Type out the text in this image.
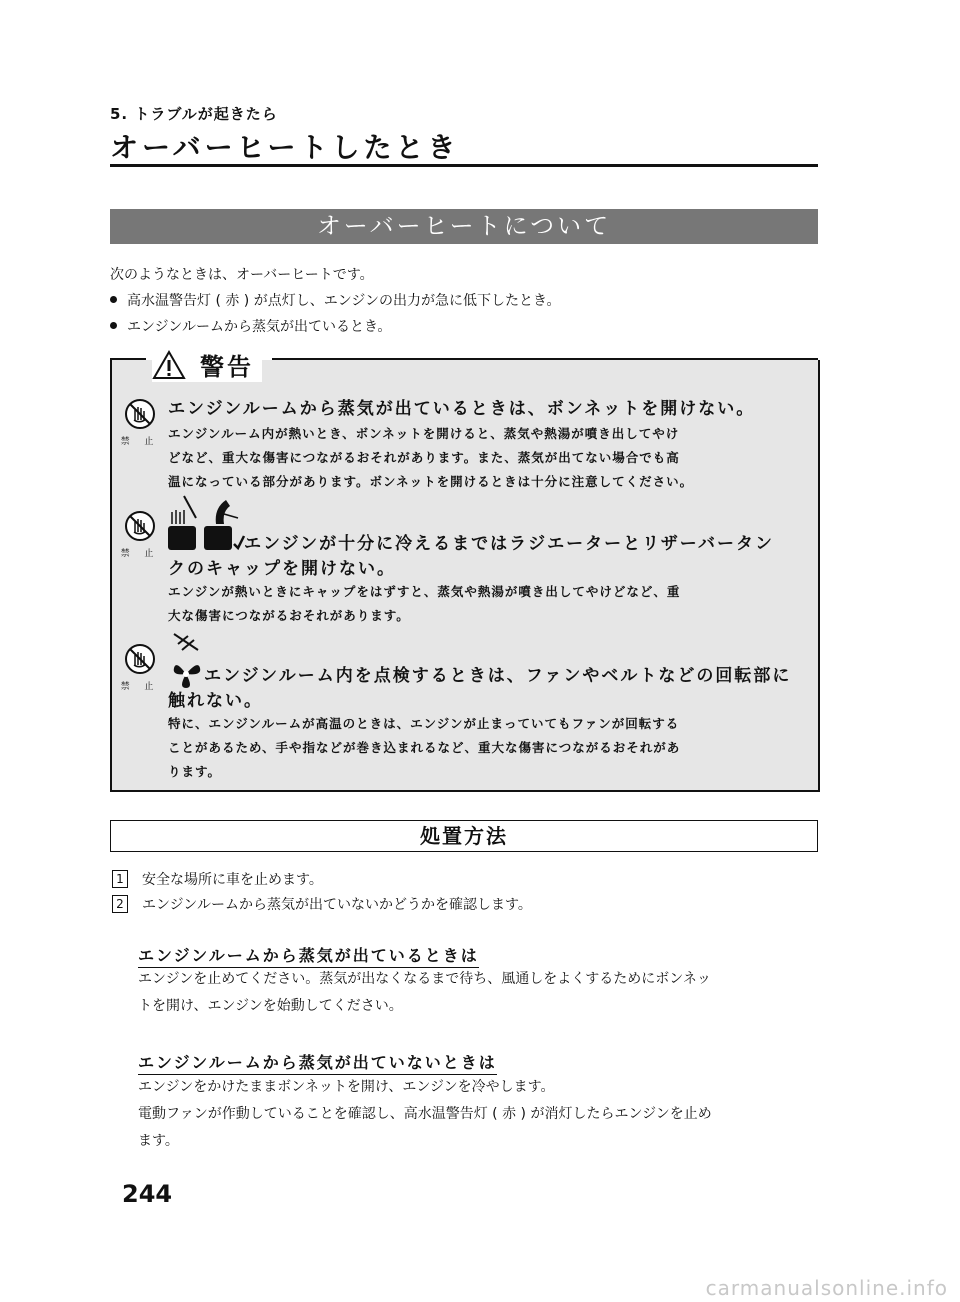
5. トラブルが起きたら
オーバーヒートしたとき
オーバーヒートについて
次のようなときは、オーバーヒートです。
高水温警告灯 ( 赤 ) が点灯し、エンジンの出力が急に低下したとき。
エンジンルームから蒸気が出ているとき。
警告
禁 止
エンジンルームから蒸気が出ているときは、ボンネットを開けない。
エンジンルーム内が熱いとき、ボンネットを開けると、蒸気や熱湯が噴き出してやけ
どなど、重大な傷害につながるおそれがあります。また、蒸気が出てない場合でも高
温になっている部分があります。ボンネットを開けるときは十分に注意してください。
禁 止	エンジンが十分に冷えるまではラジエーターとリザーバータン
クのキャップを開けない。
エンジンが熱いときにキャップをはずすと、蒸気や熱湯が噴き出してやけどなど、重
大な傷害につながるおそれがあります。
禁 止
エンジンルーム内を点検するときは、ファンやベルトなどの回転部に
触れない。
特に、エンジンルームが高温のときは、エンジンが止まっていてもファンが回転する
ことがあるため、手や指などが巻き込まれるなど、重大な傷害につながるおそれがあ
ります。
処置方法
1 安全な場所に車を止めます。
2 エンジンルームから蒸気が出ていないかどうかを確認します。
エンジンルームから蒸気が出ているときは
エンジンを止めてください。蒸気が出なくなるまで待ち、風通しをよくするためにボンネッ
トを開け、エンジンを始動してください。
エンジンルームから蒸気が出ていないときは
エンジンをかけたままボンネットを開け、エンジンを冷やします。
電動ファンが作動していることを確認し、高水温警告灯 ( 赤 ) が消灯したらエンジンを止め
ます。
244
carmanualsonline.info
